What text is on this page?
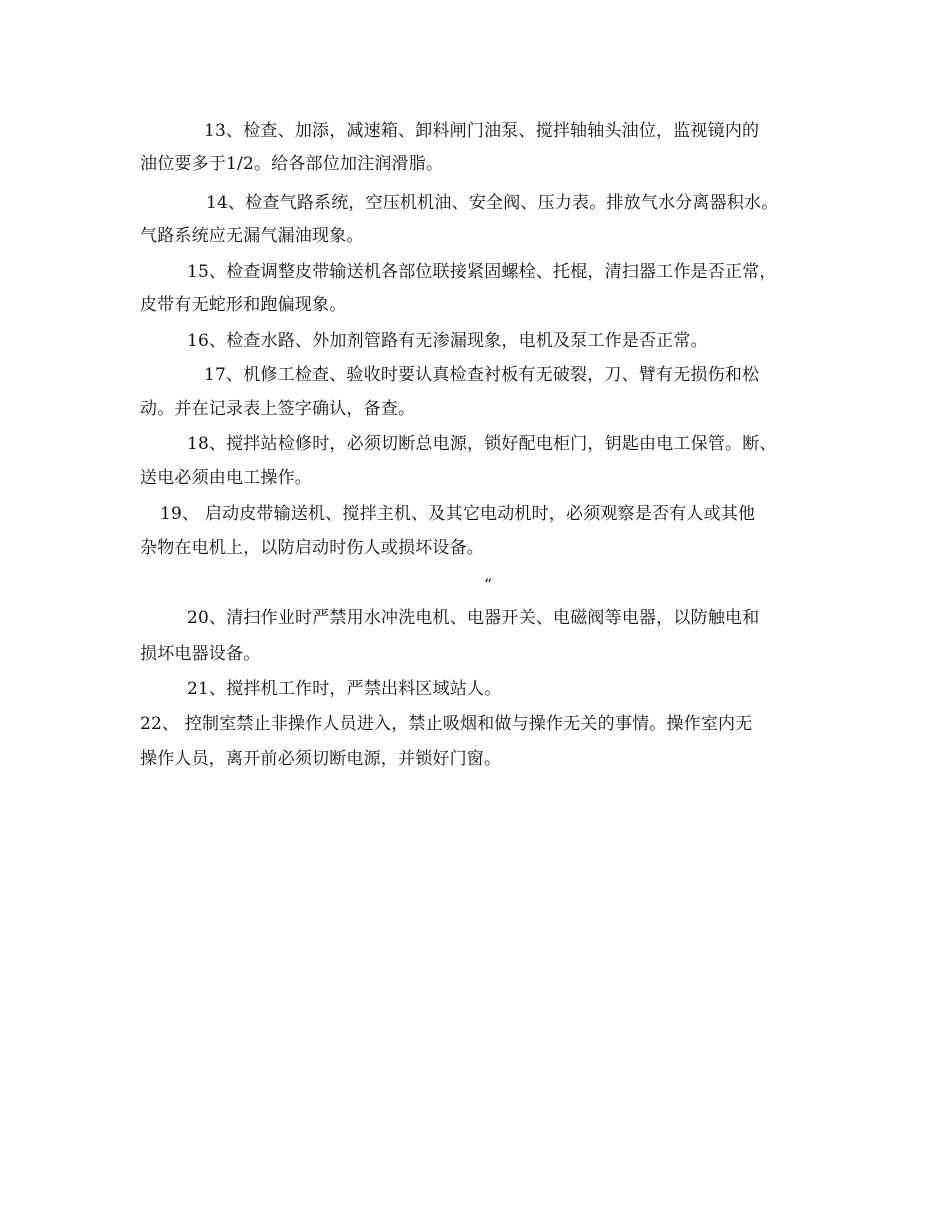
13、检查、加添，减速箱、卸料闸门油泵、搅拌轴轴头油位，监视镜内的
油位要多于1/2。给各部位加注润滑脂。
14、检查气路系统，空压机机油、安全阀、压力表。排放气水分离器积水。
气路系统应无漏气漏油现象。
15、检查调整皮带输送机各部位联接紧固螺栓、托棍，清扫器工作是否正常，
皮带有无蛇形和跑偏现象。
16、检查水路、外加剂管路有无渗漏现象，电机及泵工作是否正常。
17、机修工检查、验收时要认真检查衬板有无破裂，刀、臂有无损伤和松
动。并在记录表上签字确认，备查。
18、搅拌站检修时，必须切断总电源，锁好配电柜门，钥匙由电工保管。断、
送电必须由电工操作。
19、 启动皮带输送机、搅拌主机、及其它电动机时，必须观察是否有人或其他
杂物在电机上，以防启动时伤人或损坏设备。
“
20、清扫作业时严禁用水冲洗电机、电器开关、电磁阀等电器，以防触电和
损坏电器设备。
21、搅拌机工作时，严禁出料区域站人。
22、 控制室禁止非操作人员进入，禁止吸烟和做与操作无关的事情。操作室内无
操作人员，离开前必须切断电源，并锁好门窗。
